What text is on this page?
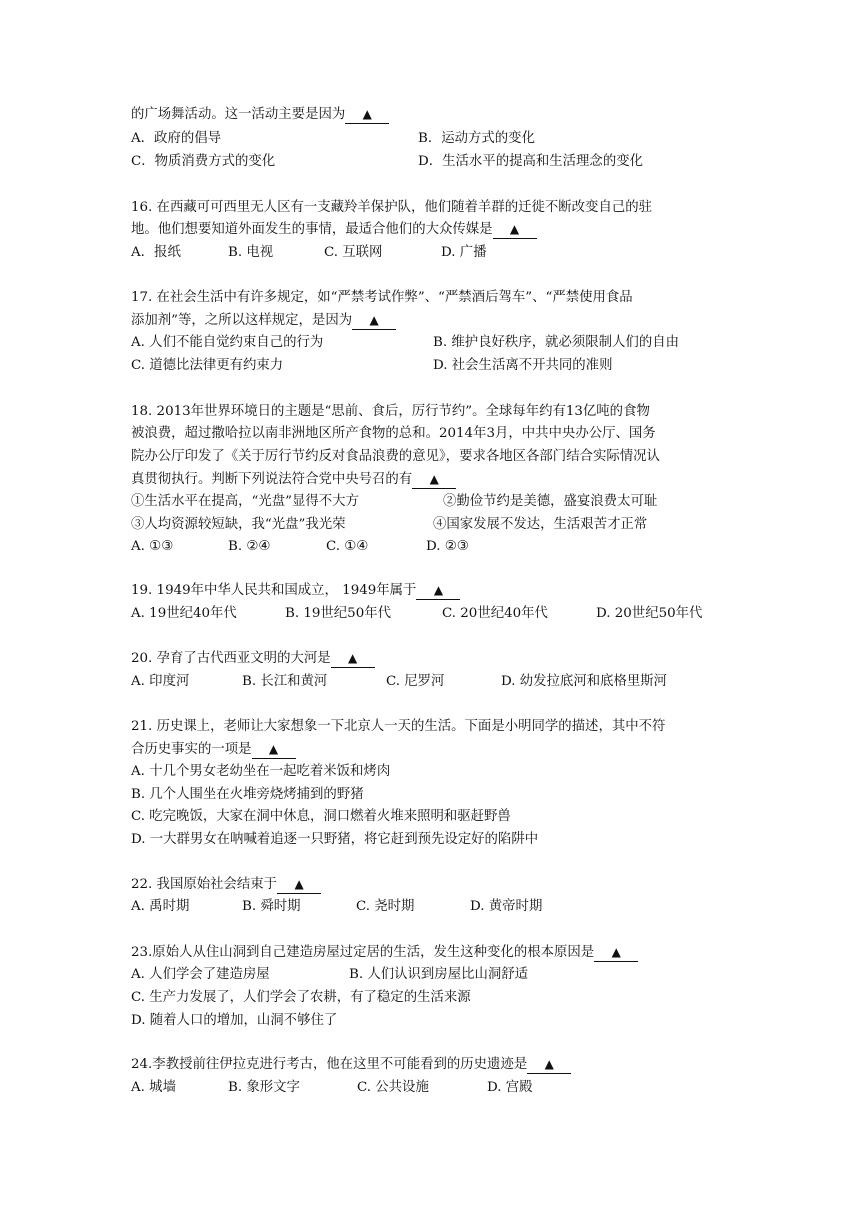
的广场舞活动。这一活动主要是因为 ▲
A．政府的倡导	B．运动方式的变化
C．物质消费方式的变化	D．生活水平的提高和生活理念的变化
16. 在西藏可可西里无人区有一支藏羚羊保护队，他们随着羊群的迁徙不断改变自己的驻
地。他们想要知道外面发生的事情，最适合他们的大众传媒是 ▲
A．报纸	B. 电视	C. 互联网	D. 广播
17. 在社会生活中有许多规定，如“严禁考试作弊”、“严禁酒后驾车”、“严禁使用食品
添加剂”等，之所以这样规定，是因为 ▲
A. 人们不能自觉约束自己的行为	B. 维护良好秩序，就必须限制人们的自由
C. 道德比法律更有约束力	D. 社会生活离不开共同的准则
18. 2013年世界环境日的主题是“思前、食后，厉行节约”。全球每年约有13亿吨的食物
被浪费，超过撒哈拉以南非洲地区所产食物的总和。2014年3月，中共中央办公厅、国务
院办公厅印发了《关于厉行节约反对食品浪费的意见》，要求各地区各部门结合实际情况认
真贯彻执行。判断下列说法符合党中央号召的有 ▲
①生活水平在提高，“光盘”显得不大方	②勤俭节约是美德，盛宴浪费太可耻
③人均资源较短缺，我“光盘”我光荣	④国家发展不发达，生活艰苦才正常
A. ①③	B. ②④	C. ①④	D. ②③
19. 1949年中华人民共和国成立， 1949年属于 ▲
A. 19世纪40年代	B. 19世纪50年代	C. 20世纪40年代	D. 20世纪50年代
20. 孕育了古代西亚文明的大河是 ▲
A. 印度河	B. 长江和黄河	C. 尼罗河	D. 幼发拉底河和底格里斯河
21. 历史课上，老师让大家想象一下北京人一天的生活。下面是小明同学的描述，其中不符
合历史事实的一项是 ▲
A. 十几个男女老幼坐在一起吃着米饭和烤肉
B. 几个人围坐在火堆旁烧烤捕到的野猪
C. 吃完晚饭，大家在洞中休息，洞口燃着火堆来照明和驱赶野兽
D. 一大群男女在呐喊着追逐一只野猪，将它赶到预先设定好的陷阱中
22. 我国原始社会结束于 ▲
A. 禹时期	B. 舜时期	C. 尧时期	D. 黄帝时期
23.原始人从住山洞到自己建造房屋过定居的生活，发生这种变化的根本原因是 ▲
A. 人们学会了建造房屋	B. 人们认识到房屋比山洞舒适
C. 生产力发展了，人们学会了农耕，有了稳定的生活来源
D. 随着人口的增加，山洞不够住了
24.李教授前往伊拉克进行考古，他在这里不可能看到的历史遗迹是 ▲
A. 城墙	B. 象形文字	C. 公共设施	D. 宫殿
